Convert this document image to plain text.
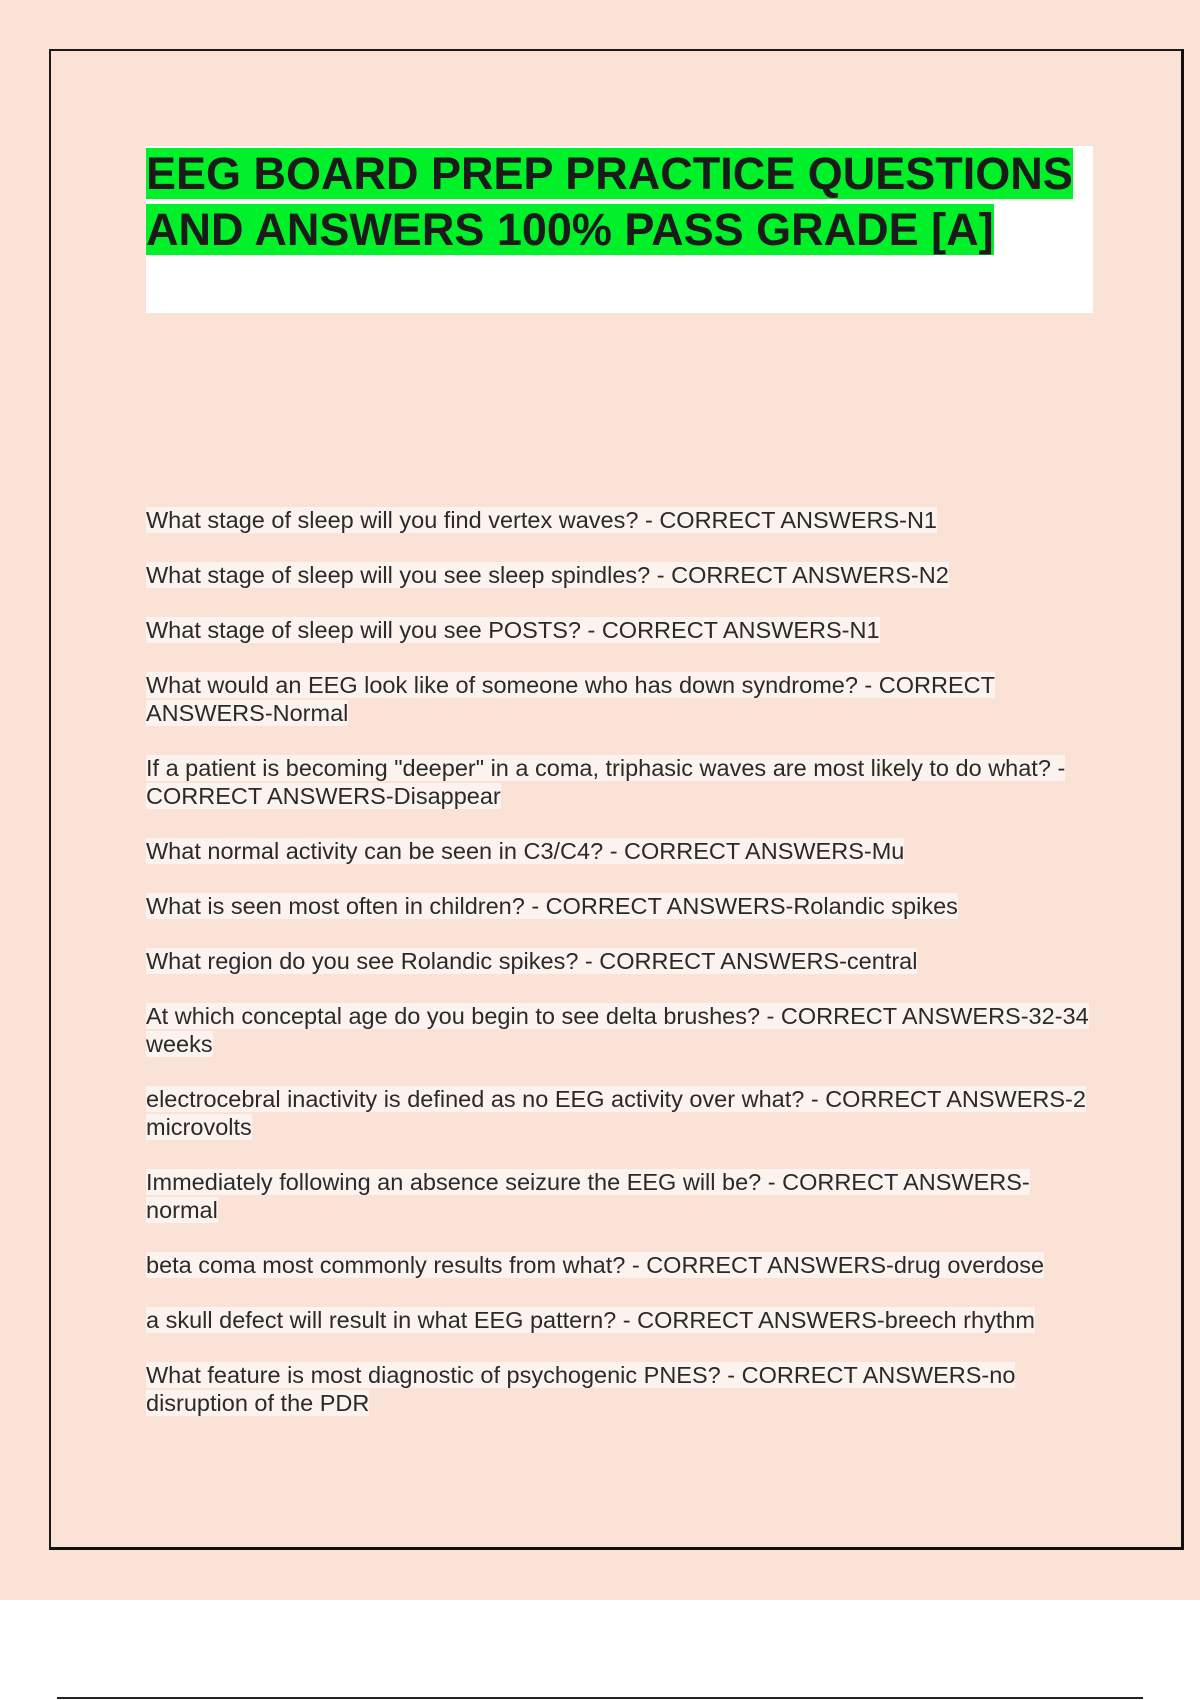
EEG BOARD PREP PRACTICE QUESTIONS AND ANSWERS 100% PASS GRADE [A]
What stage of sleep will you find vertex waves? - CORRECT ANSWERS-N1
What stage of sleep will you see sleep spindles? - CORRECT ANSWERS-N2
What stage of sleep will you see POSTS? - CORRECT ANSWERS-N1
What would an EEG look like of someone who has down syndrome? - CORRECT ANSWERS-Normal
If a patient is becoming "deeper" in a coma, triphasic waves are most likely to do what? - CORRECT ANSWERS-Disappear
What normal activity can be seen in C3/C4? - CORRECT ANSWERS-Mu
What is seen most often in children? - CORRECT ANSWERS-Rolandic spikes
What region do you see Rolandic spikes? - CORRECT ANSWERS-central
At which conceptal age do you begin to see delta brushes? - CORRECT ANSWERS-32-34 weeks
electrocebral inactivity is defined as no EEG activity over what? - CORRECT ANSWERS-2 microvolts
Immediately following an absence seizure the EEG will be? - CORRECT ANSWERS-normal
beta coma most commonly results from what? - CORRECT ANSWERS-drug overdose
a skull defect will result in what EEG pattern? - CORRECT ANSWERS-breech rhythm
What feature is most diagnostic of psychogenic PNES? - CORRECT ANSWERS-no disruption of the PDR
